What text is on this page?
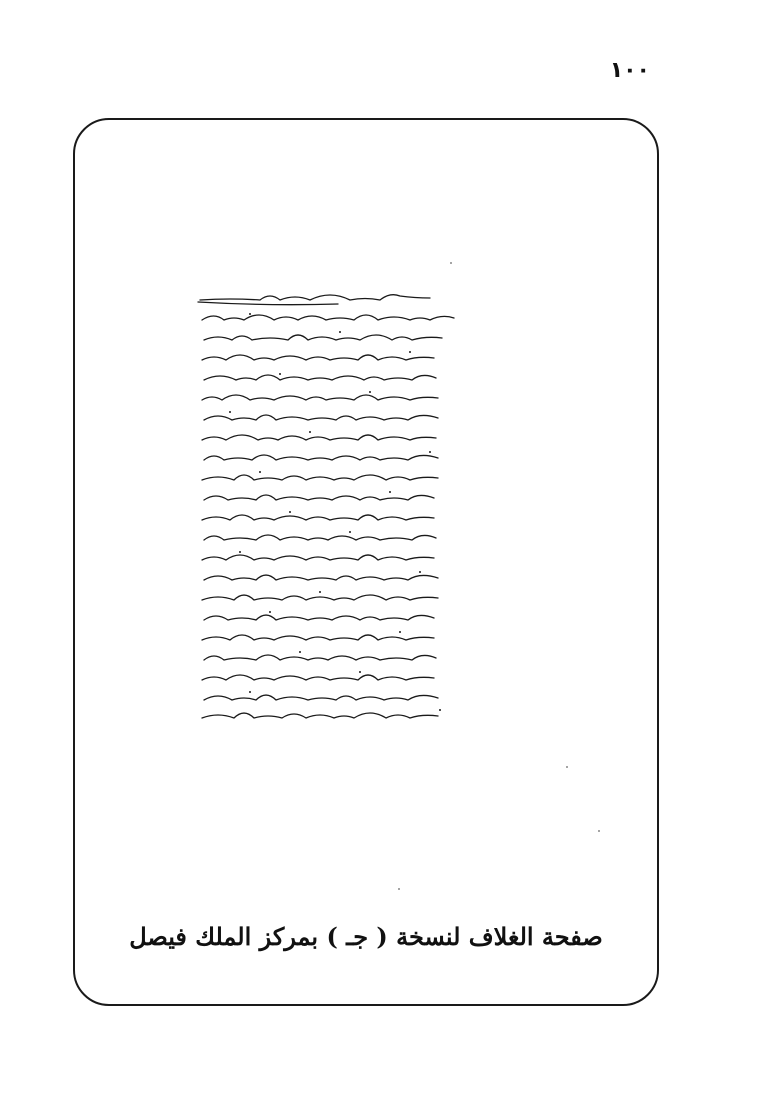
١٠٠
صفحة الغلاف لنسخة ( جـ ) بمركز الملك فيصل
